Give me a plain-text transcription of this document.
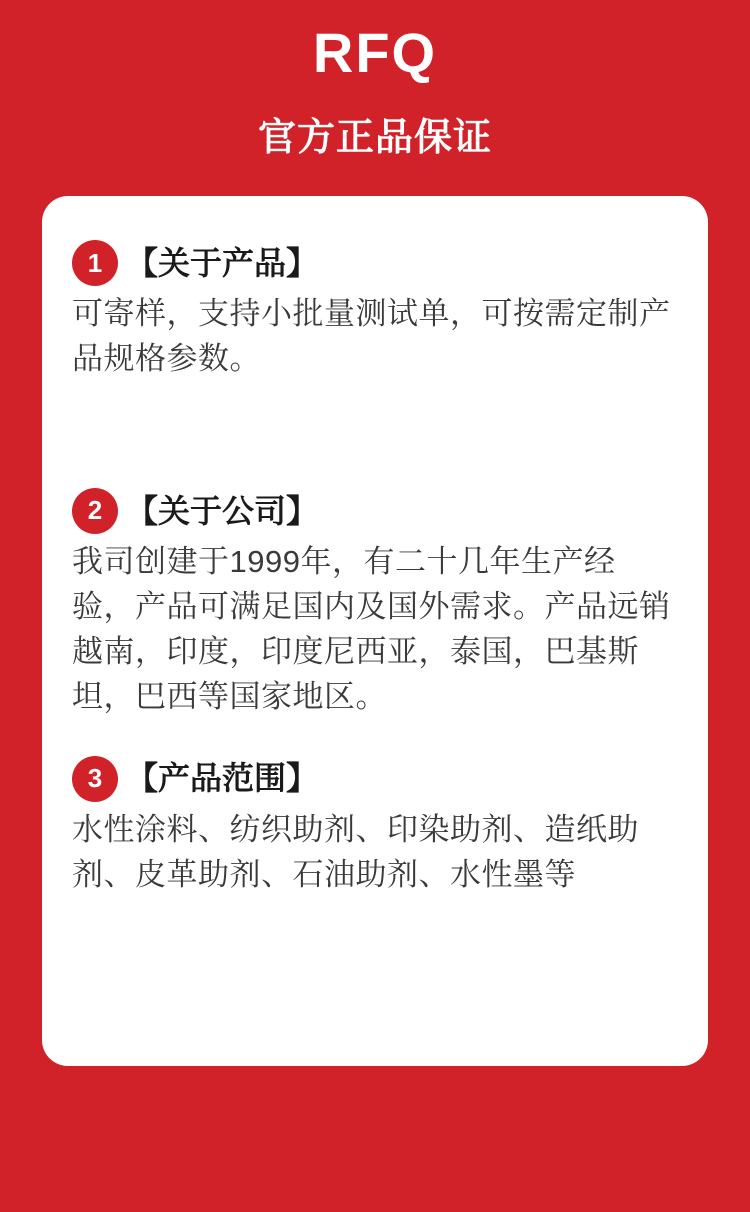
RFQ
官方正品保证
1 【关于产品】

可寄样，支持小批量测试单，可按需定制产品规格参数。

2 【关于公司】

我司创建于1999年，有二十几年生产经验，产品可满足国内及国外需求。产品远销越南，印度，印度尼西亚，泰国，巴基斯坦，巴西等国家地区。

3 【产品范围】

水性涂料、纺织助剂、印染助剂、造纸助剂、皮革助剂、石油助剂、水性墨等
